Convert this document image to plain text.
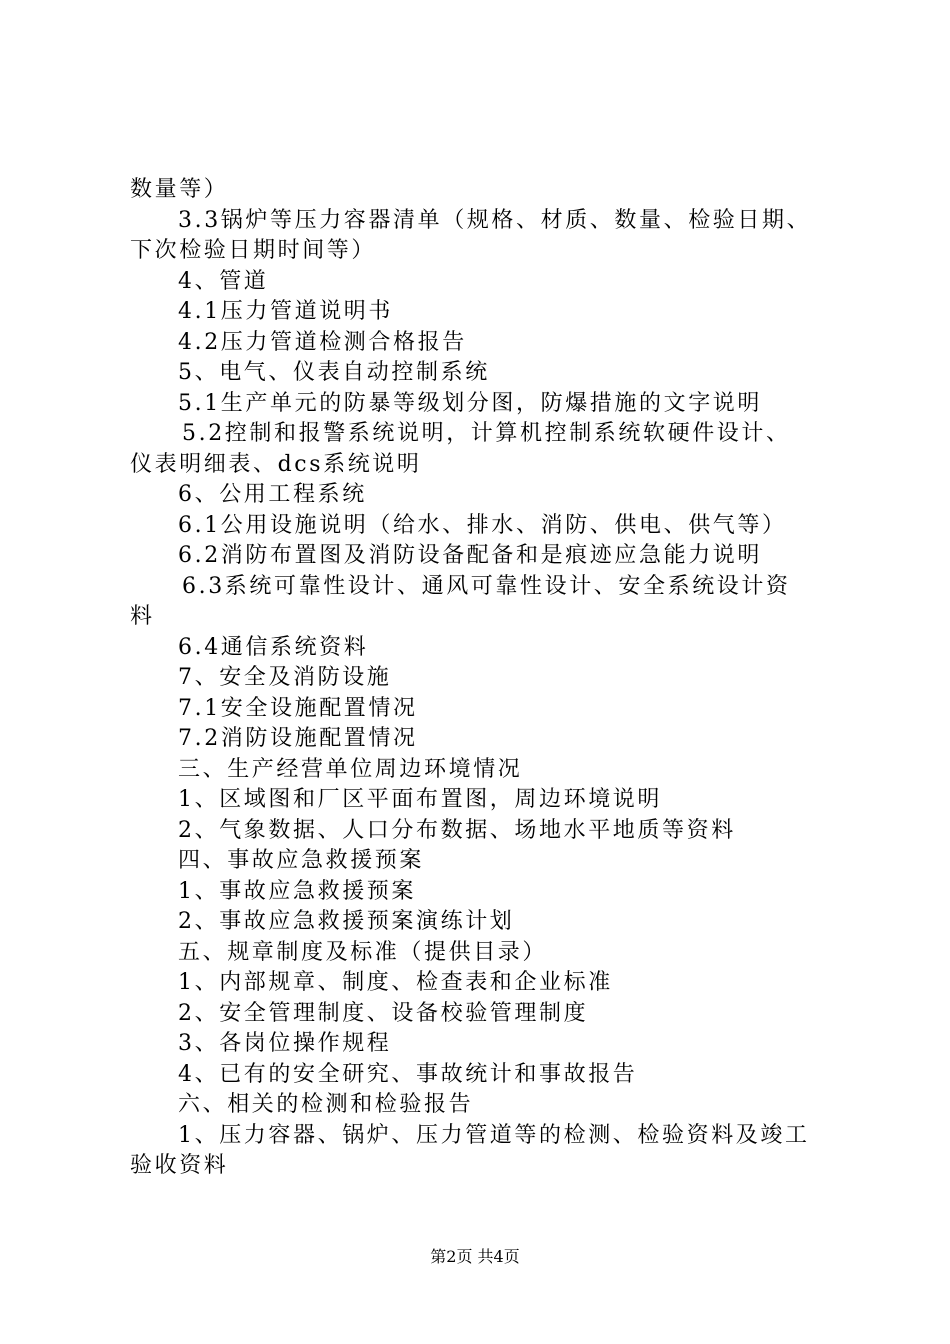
数量等）
3.3锅炉等压力容器清单（规格、材质、数量、检验日期、
下次检验日期时间等）
4、管道
4.1压力管道说明书
4.2压力管道检测合格报告
5、电气、仪表自动控制系统
5.1生产单元的防暴等级划分图，防爆措施的文字说明
5.2控制和报警系统说明，计算机控制系统软硬件设计、
仪表明细表、dcs系统说明
6、公用工程系统
6.1公用设施说明（给水、排水、消防、供电、供气等）
6.2消防布置图及消防设备配备和是痕迹应急能力说明
6.3系统可靠性设计、通风可靠性设计、安全系统设计资
料
6.4通信系统资料
7、安全及消防设施
7.1安全设施配置情况
7.2消防设施配置情况
三、生产经营单位周边环境情况
1、区域图和厂区平面布置图，周边环境说明
2、气象数据、人口分布数据、场地水平地质等资料
四、事故应急救援预案
1、事故应急救援预案
2、事故应急救援预案演练计划
五、规章制度及标准（提供目录）
1、内部规章、制度、检查表和企业标准
2、安全管理制度、设备校验管理制度
3、各岗位操作规程
4、已有的安全研究、事故统计和事故报告
六、相关的检测和检验报告
1、压力容器、锅炉、压力管道等的检测、检验资料及竣工
验收资料
第2页 共4页
